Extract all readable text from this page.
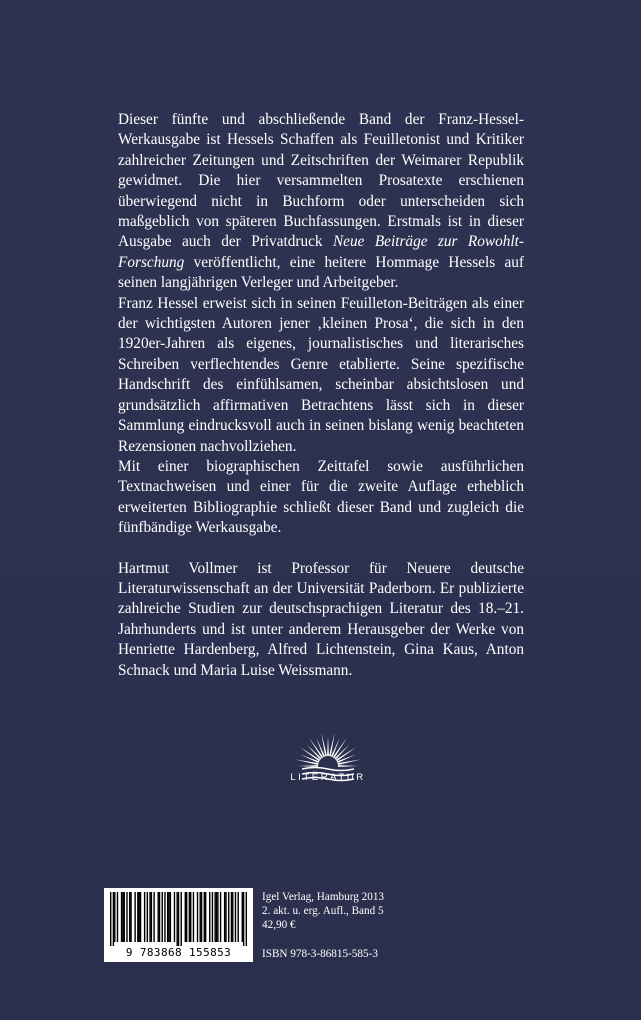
Dieser fünfte und abschließende Band der Franz-Hessel-Werkausgabe ist Hessels Schaffen als Feuilletonist und Kritiker zahlreicher Zeitungen und Zeitschriften der Weimarer Republik gewidmet. Die hier versammelten Prosatexte erschienen überwiegend nicht in Buchform oder unterscheiden sich maßgeblich von späteren Buchfassungen. Erstmals ist in dieser Ausgabe auch der Privatdruck Neue Beiträge zur Rowohlt-Forschung veröffentlicht, eine heitere Hommage Hessels auf seinen langjährigen Verleger und Arbeitgeber.

Franz Hessel erweist sich in seinen Feuilleton-Beiträgen als einer der wichtigsten Autoren jener ‚kleinen Prosa‘, die sich in den 1920er-Jahren als eigenes, journalistisches und literarisches Schreiben verflechtendes Genre etablierte. Seine spezifische Handschrift des einfühlsamen, scheinbar absichtslosen und grundsätzlich affirmativen Betrachtens lässt sich in dieser Sammlung eindrucksvoll auch in seinen bislang wenig beachteten Rezensionen nachvollziehen.

Mit einer biographischen Zeittafel sowie ausführlichen Textnachweisen und einer für die zweite Auflage erheblich erweiterten Bibliographie schließt dieser Band und zugleich die fünfbändige Werkausgabe.

Hartmut Vollmer ist Professor für Neuere deutsche Literaturwissenschaft an der Universität Paderborn. Er publizierte zahlreiche Studien zur deutschsprachigen Literatur des 18.–21. Jahrhunderts und ist unter anderem Herausgeber der Werke von Henriette Hardenberg, Alfred Lichtenstein, Gina Kaus, Anton Schnack und Maria Luise Weissmann.

LITERATUR
9 783868 155853
Igel Verlag, Hamburg 2013
2. akt. u. erg. Aufl., Band 5
42,90 €
ISBN 978-3-86815-585-3
